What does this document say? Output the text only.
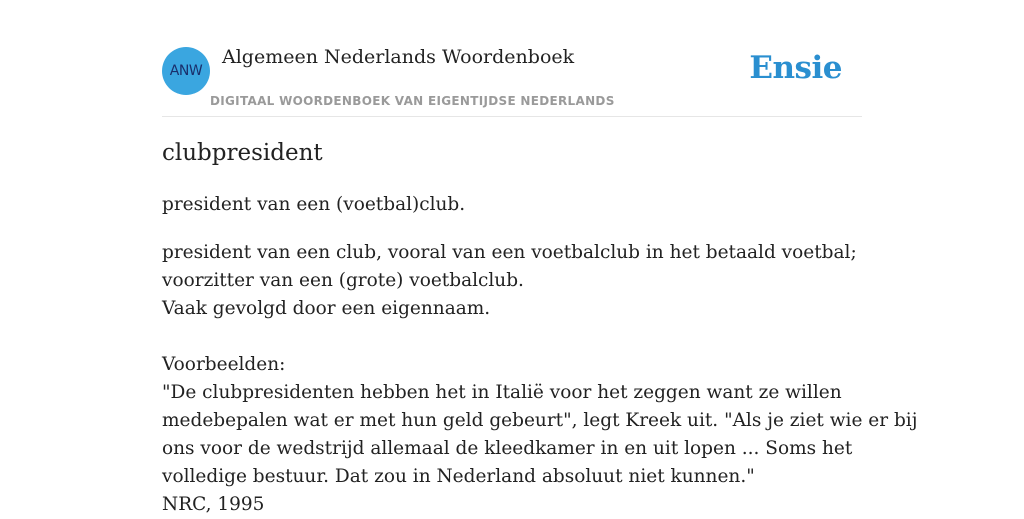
ANW
Algemeen Nederlands Woordenboek
DIGITAAL WOORDENBOEK VAN EIGENTIJDSE NEDERLANDS
Ensie
clubpresident

president van een (voetbal)club.

president van een club, vooral van een voetbalclub in het betaald voetbal;
voorzitter van een (grote) voetbalclub.
Vaak gevolgd door een eigennaam.
Voorbeelden:
"De clubpresidenten hebben het in Italië voor het zeggen want ze willen
medebepalen wat er met hun geld gebeurt", legt Kreek uit. "Als je ziet wie er bij
ons voor de wedstrijd allemaal de kleedkamer in en uit lopen ... Soms het
volledige bestuur. Dat zou in Nederland absoluut niet kunnen."
NRC, 1995
